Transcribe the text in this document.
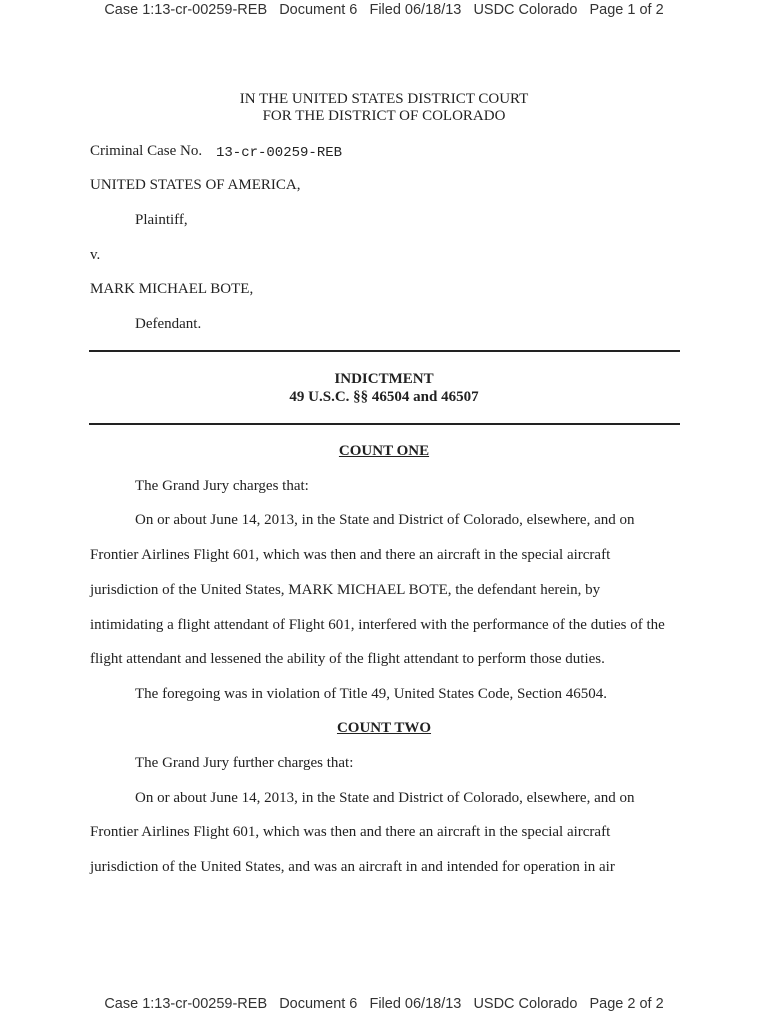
Case 1:13-cr-00259-REB   Document 6   Filed 06/18/13   USDC Colorado   Page 1 of 2
IN THE UNITED STATES DISTRICT COURT
FOR THE DISTRICT OF COLORADO
Criminal Case No. 13-cr-00259-REB
UNITED STATES OF AMERICA,
Plaintiff,
v.
MARK MICHAEL BOTE,
Defendant.
INDICTMENT
49 U.S.C. §§ 46504 and 46507
COUNT ONE
The Grand Jury charges that:
On or about June 14, 2013, in the State and District of Colorado, elsewhere, and on
Frontier Airlines Flight 601, which was then and there an aircraft in the special aircraft
jurisdiction of the United States, MARK MICHAEL BOTE, the defendant herein, by
intimidating a flight attendant of Flight 601, interfered with the performance of the duties of the
flight attendant and lessened the ability of the flight attendant to perform those duties.
The foregoing was in violation of Title 49, United States Code, Section 46504.
COUNT TWO
The Grand Jury further charges that:
On or about June 14, 2013, in the State and District of Colorado, elsewhere, and on
Frontier Airlines Flight 601, which was then and there an aircraft in the special aircraft
jurisdiction of the United States, and was an aircraft in and intended for operation in air
Case 1:13-cr-00259-REB   Document 6   Filed 06/18/13   USDC Colorado   Page 2 of 2
